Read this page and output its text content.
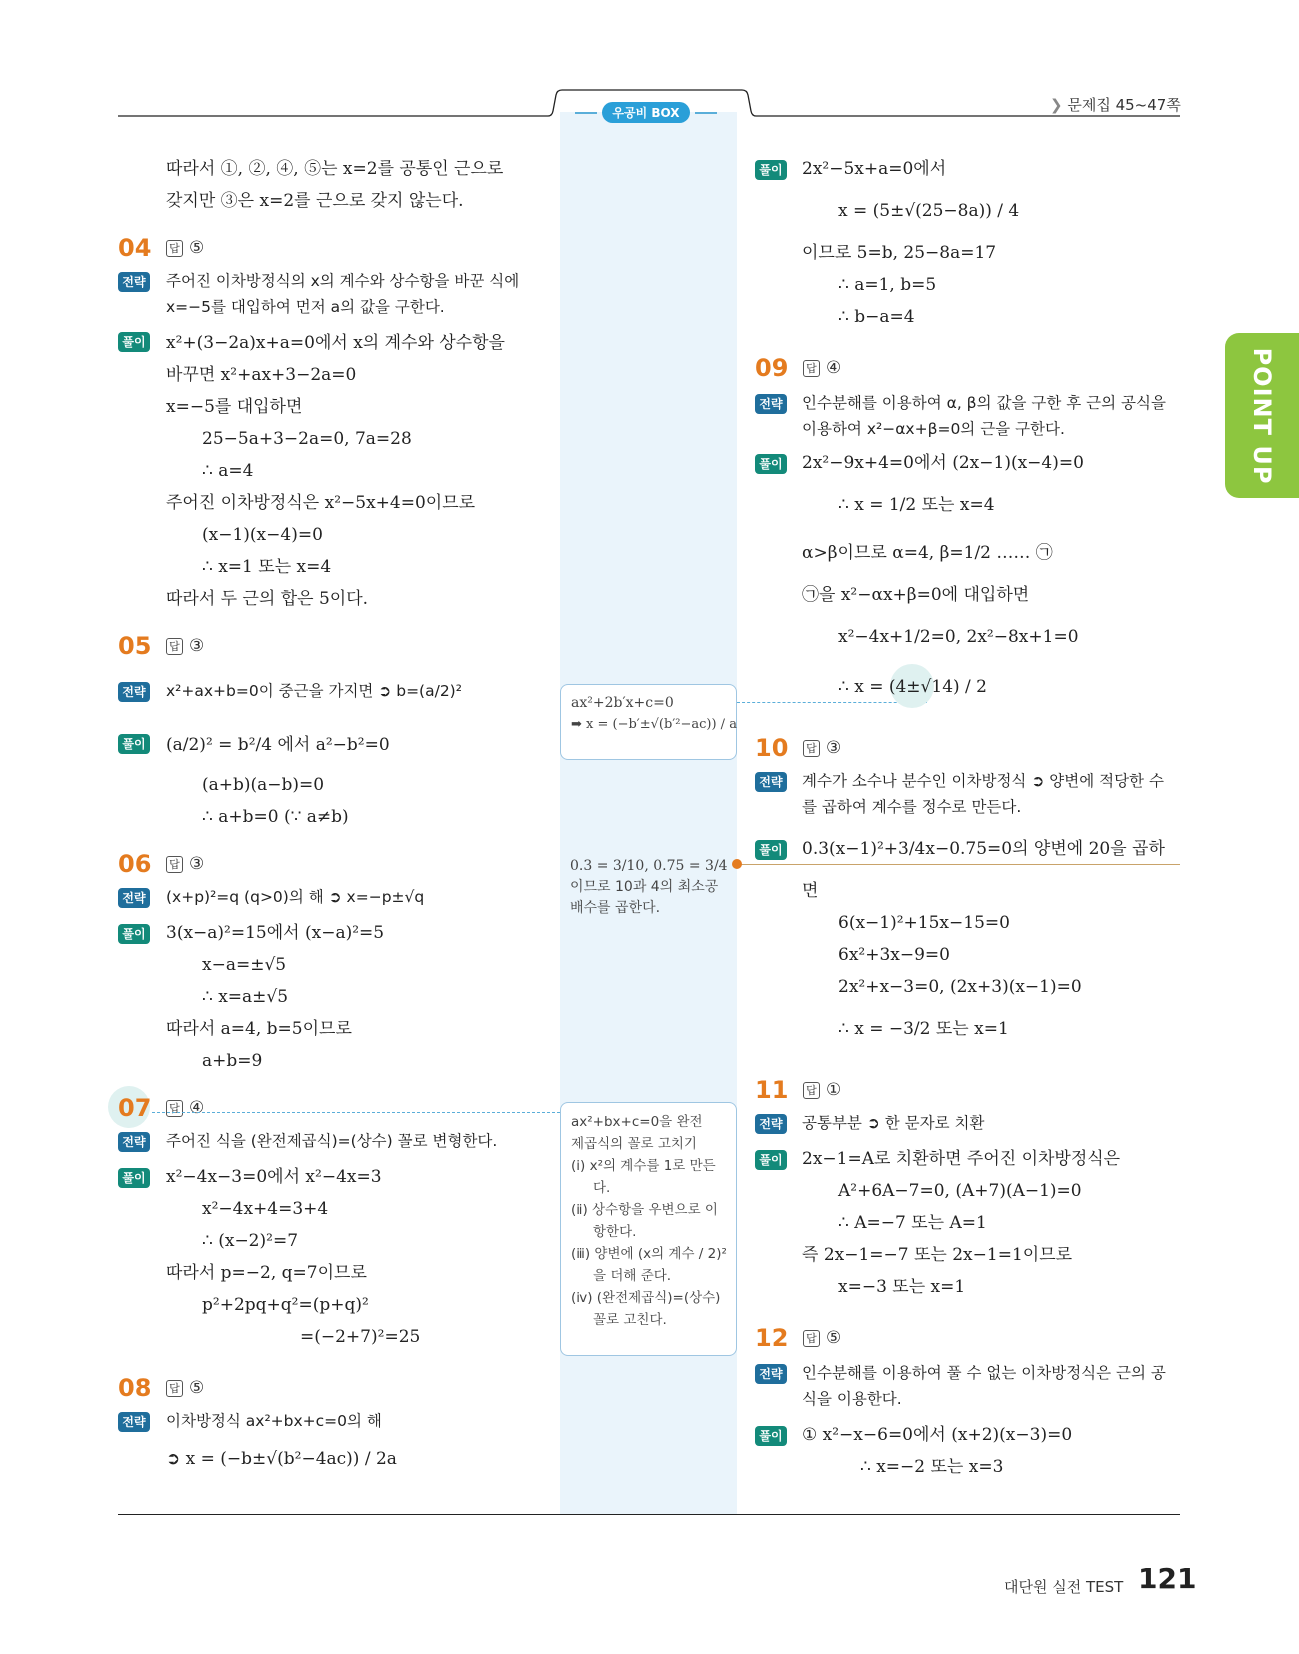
우공비 BOX	❯ 문제집 45~47쪽
POINT UP
따라서 ①, ②, ④, ⑤는 x=2를 공통인 근으로
갖지만 ③은 x=2를 근으로 갖지 않는다.
04 답 ⑤
전략 주어진 이차방정식의 x의 계수와 상수항을 바꾼 식에
x=−5를 대입하여 먼저 a의 값을 구한다.
풀이 x²+(3−2a)x+a=0에서 x의 계수와 상수항을
바꾸면 x²+ax+3−2a=0
x=−5를 대입하면
25−5a+3−2a=0, 7a=28
∴ a=4
주어진 이차방정식은 x²−5x+4=0이므로
(x−1)(x−4)=0
∴ x=1 또는 x=4
따라서 두 근의 합은 5이다.
05 답 ③
전략 x²+ax+b=0이 중근을 가지면 ➲ b=(a/2)²
풀이 (a/2)² = b²/4 에서 a²−b²=0
(a+b)(a−b)=0
∴ a+b=0 (∵ a≠b)
06 답 ③
전략 (x+p)²=q (q>0)의 해 ➲ x=−p±√q
풀이 3(x−a)²=15에서 (x−a)²=5
x−a=±√5
∴ x=a±√5
따라서 a=4, b=5이므로
a+b=9
07 답 ④
전략 주어진 식을 (완전제곱식)=(상수) 꼴로 변형한다.
풀이 x²−4x−3=0에서 x²−4x=3
x²−4x+4=3+4
∴ (x−2)²=7
따라서 p=−2, q=7이므로
p²+2pq+q²=(p+q)²
=(−2+7)²=25
08 답 ⑤
전략 이차방정식 ax²+bx+c=0의 해
➲ x = (−b±√(b²−4ac)) / 2a
ax²+2b′x+c=0
➡ x = (−b′±√(b′²−ac)) / a
0.3 = 3/10, 0.75 = 3/4
이므로 10과 4의 최소공
배수를 곱한다.
ax²+bx+c=0을 완전
제곱식의 꼴로 고치기
(ⅰ) x²의 계수를 1로 만든
다.
(ⅱ) 상수항을 우변으로 이
항한다.
(ⅲ) 양변에 (x의 계수 / 2)²
을 더해 준다.
(ⅳ) (완전제곱식)=(상수)
꼴로 고친다.
풀이 2x²−5x+a=0에서
x = (5±√(25−8a)) / 4
이므로 5=b, 25−8a=17
∴ a=1, b=5
∴ b−a=4
09 답 ④
전략 인수분해를 이용하여 α, β의 값을 구한 후 근의 공식을
이용하여 x²−αx+β=0의 근을 구한다.
풀이 2x²−9x+4=0에서 (2x−1)(x−4)=0
∴ x = 1/2 또는 x=4
α>β이므로 α=4, β=1/2 …… ㉠
㉠을 x²−αx+β=0에 대입하면
x²−4x+1/2=0, 2x²−8x+1=0
∴ x = (4±√14) / 2
10 답 ③
전략 계수가 소수나 분수인 이차방정식 ➲ 양변에 적당한 수
를 곱하여 계수를 정수로 만든다.
풀이 0.3(x−1)²+3/4x−0.75=0의 양변에 20을 곱하
면
6(x−1)²+15x−15=0
6x²+3x−9=0
2x²+x−3=0, (2x+3)(x−1)=0
∴ x = −3/2 또는 x=1
11 답 ①
전략 공통부분 ➲ 한 문자로 치환
풀이 2x−1=A로 치환하면 주어진 이차방정식은
A²+6A−7=0, (A+7)(A−1)=0
∴ A=−7 또는 A=1
즉 2x−1=−7 또는 2x−1=1이므로
x=−3 또는 x=1
12 답 ⑤
전략 인수분해를 이용하여 풀 수 없는 이차방정식은 근의 공
식을 이용한다.
풀이 ① x²−x−6=0에서 (x+2)(x−3)=0
∴ x=−2 또는 x=3
대단원 실전 TEST 121
